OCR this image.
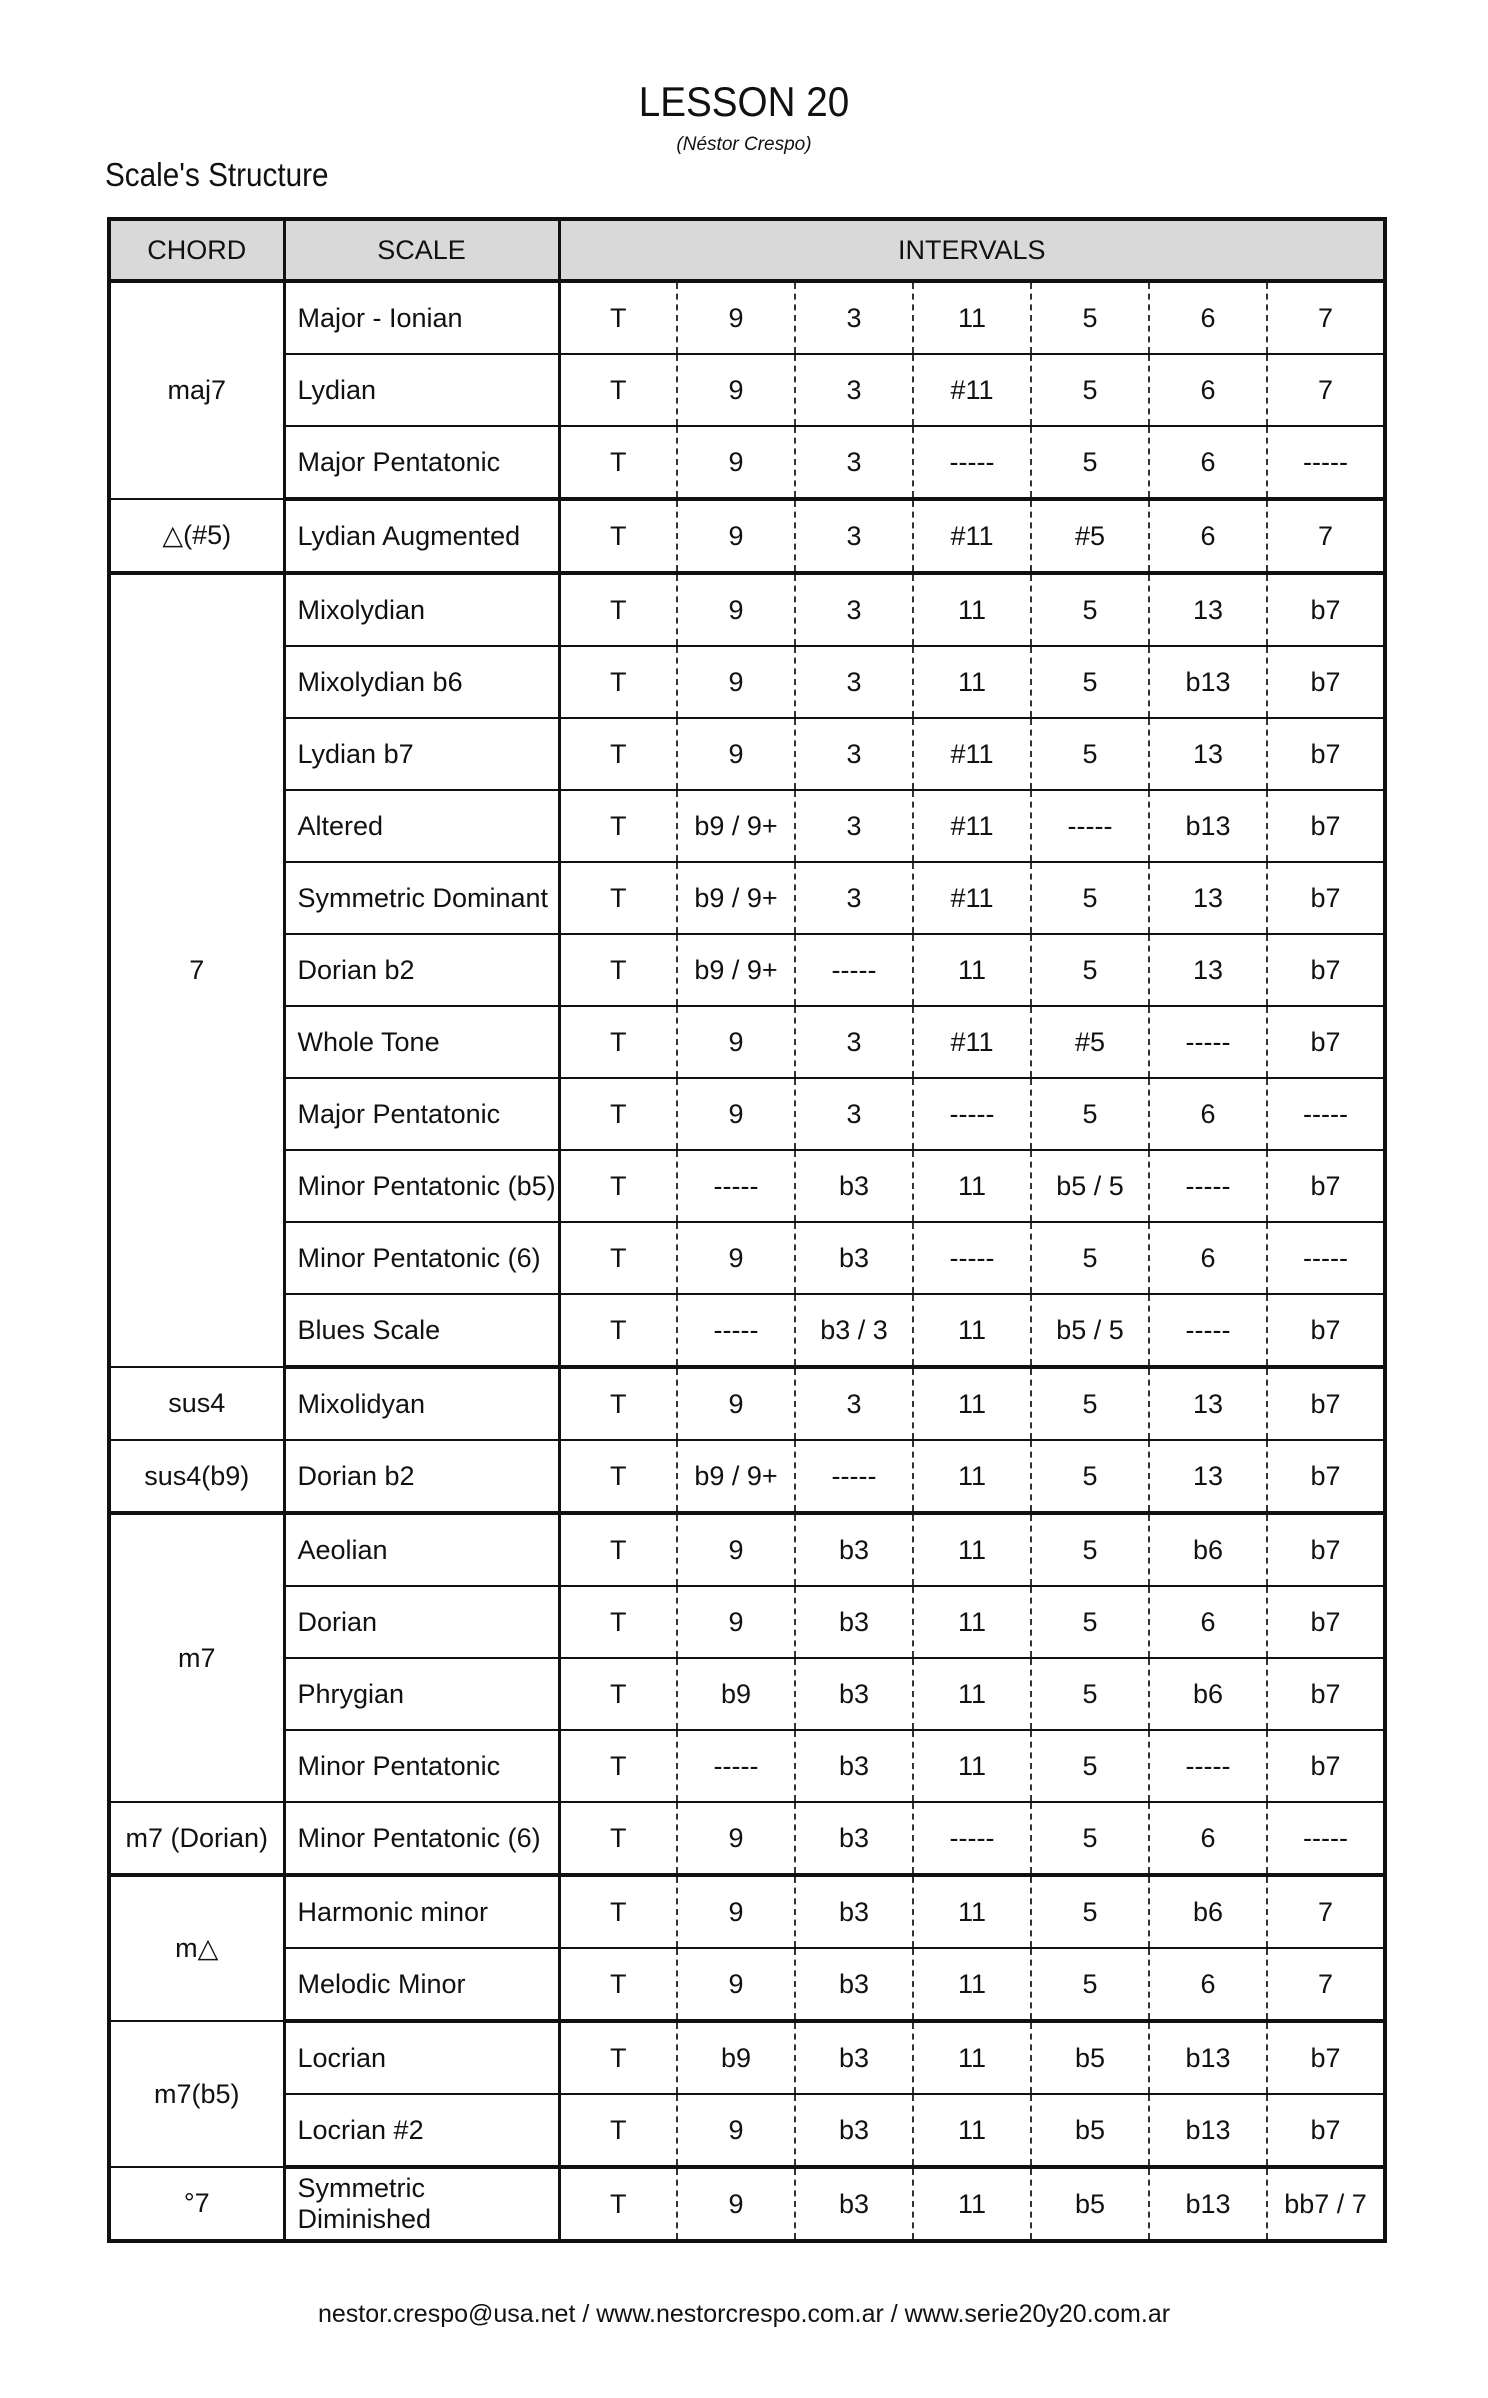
LESSON 20
(Néstor Crespo)
Scale's Structure
CHORD	SCALE	INTERVALS						
maj7	Major - Ionian	T	9	3	11	5	6	7
	Lydian	T	9	3	#11	5	6	7
	Major Pentatonic	T	9	3	-----	5	6	-----
△(#5)	Lydian Augmented	T	9	3	#11	#5	6	7
7	Mixolydian	T	9	3	11	5	13	b7
	Mixolydian b6	T	9	3	11	5	b13	b7
	Lydian b7	T	9	3	#11	5	13	b7
	Altered	T	b9 / 9+	3	#11	-----	b13	b7
	Symmetric Dominant	T	b9 / 9+	3	#11	5	13	b7
	Dorian b2	T	b9 / 9+	-----	11	5	13	b7
	Whole Tone	T	9	3	#11	#5	-----	b7
	Major Pentatonic	T	9	3	-----	5	6	-----
	Minor Pentatonic (b5)	T	-----	b3	11	b5 / 5	-----	b7
	Minor Pentatonic (6)	T	9	b3	-----	5	6	-----
	Blues Scale	T	-----	b3 / 3	11	b5 / 5	-----	b7
sus4	Mixolidyan	T	9	3	11	5	13	b7
sus4(b9)	Dorian b2	T	b9 / 9+	-----	11	5	13	b7
m7	Aeolian	T	9	b3	11	5	b6	b7
	Dorian	T	9	b3	11	5	6	b7
	Phrygian	T	b9	b3	11	5	b6	b7
	Minor Pentatonic	T	-----	b3	11	5	-----	b7
m7 (Dorian)	Minor Pentatonic (6)	T	9	b3	-----	5	6	-----
m△	Harmonic minor	T	9	b3	11	5	b6	7
	Melodic Minor	T	9	b3	11	5	6	7
m7(b5)	Locrian	T	b9	b3	11	b5	b13	b7
	Locrian #2	T	9	b3	11	b5	b13	b7
°7	Symmetric Diminished	T	9	b3	11	b5	b13	bb7 / 7
nestor.crespo@usa.net / www.nestorcrespo.com.ar / www.serie20y20.com.ar
